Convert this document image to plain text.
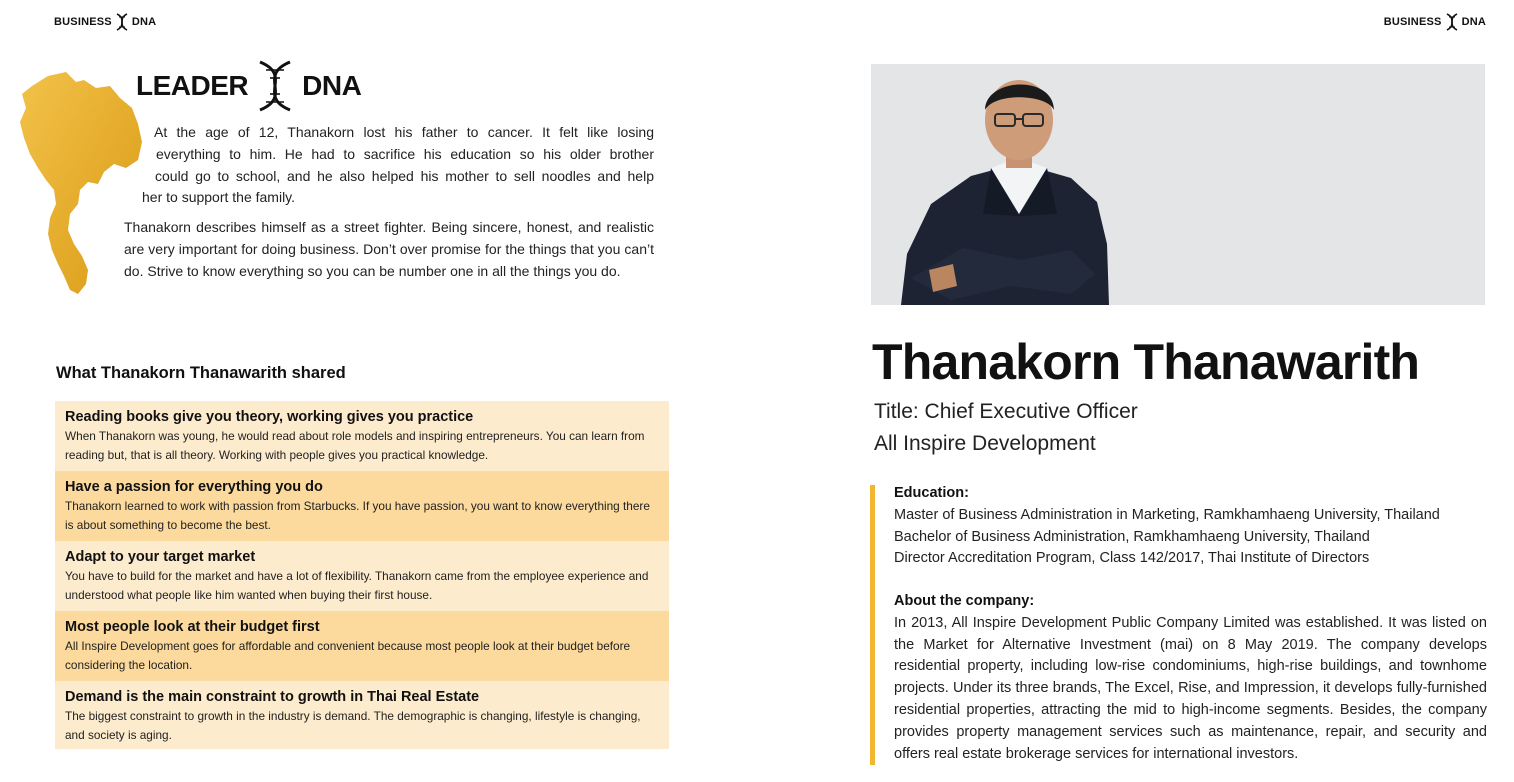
BUSINESS DNA	BUSINESS DNA
LEADER DNA
At the age of 12, Thanakorn lost his father to cancer. It felt like losing
everything to him. He had to sacrifice his education so his older brother
could go to school, and he also helped his mother to sell noodles and help
her to support the family.

Thanakorn describes himself as a street fighter. Being sincere, honest, and realistic are very important for doing business. Don’t over promise for the things that you can’t do. Strive to know everything so you can be number one in all the things you do.

What Thanakorn Thanawarith shared
Reading books give you theory, working gives you practice
When Thanakorn was young, he would read about role models and inspiring entrepreneurs. You can learn from reading but, that is all theory. Working with people gives you practical knowledge.
Have a passion for everything you do
Thanakorn learned to work with passion from Starbucks. If you have passion, you want to know everything there is about something to become the best.
Adapt to your target market
You have to build for the market and have a lot of flexibility. Thanakorn came from the employee experience and understood what people like him wanted when buying their first house.
Most people look at their budget first
All Inspire Development goes for affordable and convenient because most people look at their budget before considering the location.
Demand is the main constraint to growth in Thai Real Estate
The biggest constraint to growth in the industry is demand. The demographic is changing, lifestyle is changing, and society is aging.
Thanakorn Thanawarith
Title: Chief Executive Officer
All Inspire Development
Education:
Master of Business Administration in Marketing, Ramkhamhaeng University, Thailand
Bachelor of Business Administration, Ramkhamhaeng University, Thailand
Director Accreditation Program, Class 142/2017, Thai Institute of Directors
About the company:
In 2013, All Inspire Development Public Company Limited was established. It was listed on the Market for Alternative Investment (mai) on 8 May 2019. The company develops residential property, including low-rise condominiums, high-rise buildings, and townhome projects. Under its three brands, The Excel, Rise, and Impression, it develops fully-furnished residential properties, attracting the mid to high-income segments. Besides, the company provides property management services such as maintenance, repair, and security and offers real estate brokerage services for international investors.
